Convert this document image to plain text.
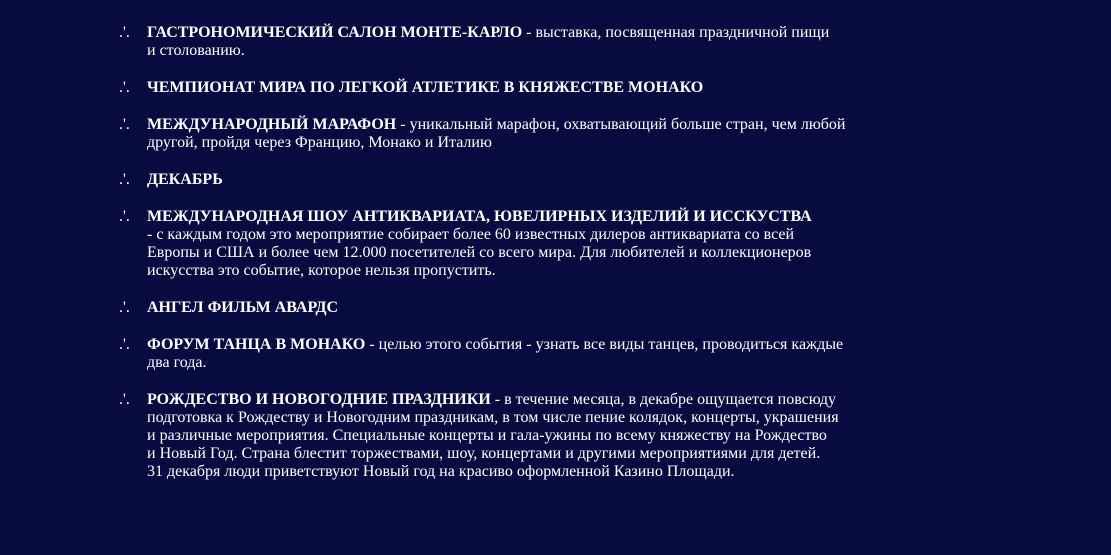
.'.	ГАСТРОНОМИЧЕСКИЙ САЛОН МОНТЕ-КАРЛО - выставка, посвященная праздничной пищи
и столованию.
.'.	ЧЕМПИОНАТ МИРА ПО ЛЕГКОЙ АТЛЕТИКЕ В КНЯЖЕСТВЕ МОНАКО
.'.	МЕЖДУНАРОДНЫЙ МАРАФОН - уникальный марафон, охватывающий больше стран, чем любой
другой, пройдя через Францию, Монако и Италию
.'.	ДЕКАБРЬ
.'.	МЕЖДУНАРОДНАЯ ШОУ АНТИКВАРИАТА, ЮВЕЛИРНЫХ ИЗДЕЛИЙ И ИССКУСТВА
- с каждым годом это мероприятие собирает более 60 известных дилеров антиквариата со всей
Европы и США и более чем 12.000 посетителей со всего мира. Для любителей и коллекционеров
искусства это событие, которое нельзя пропустить.
.'.	АНГЕЛ ФИЛЬМ АВАРДС
.'.	ФОРУМ ТАНЦА В МОНАКО - целью этого события - узнать все виды танцев, проводиться каждые
два года.
.'.	РОЖДЕСТВО И НОВОГОДНИЕ ПРАЗДНИКИ - в течение месяца, в декабре ощущается повсюду
подготовка к Рождеству и Новогодним праздникам, в том числе пение колядок, концерты, украшения
и различные мероприятия. Специальные концерты и гала-ужины по всему княжеству на Рождество
и Новый Год. Страна блестит торжествами, шоу, концертами и другими мероприятиями для детей.
31 декабря люди приветствуют Новый год на красиво оформленной Казино Площади.
